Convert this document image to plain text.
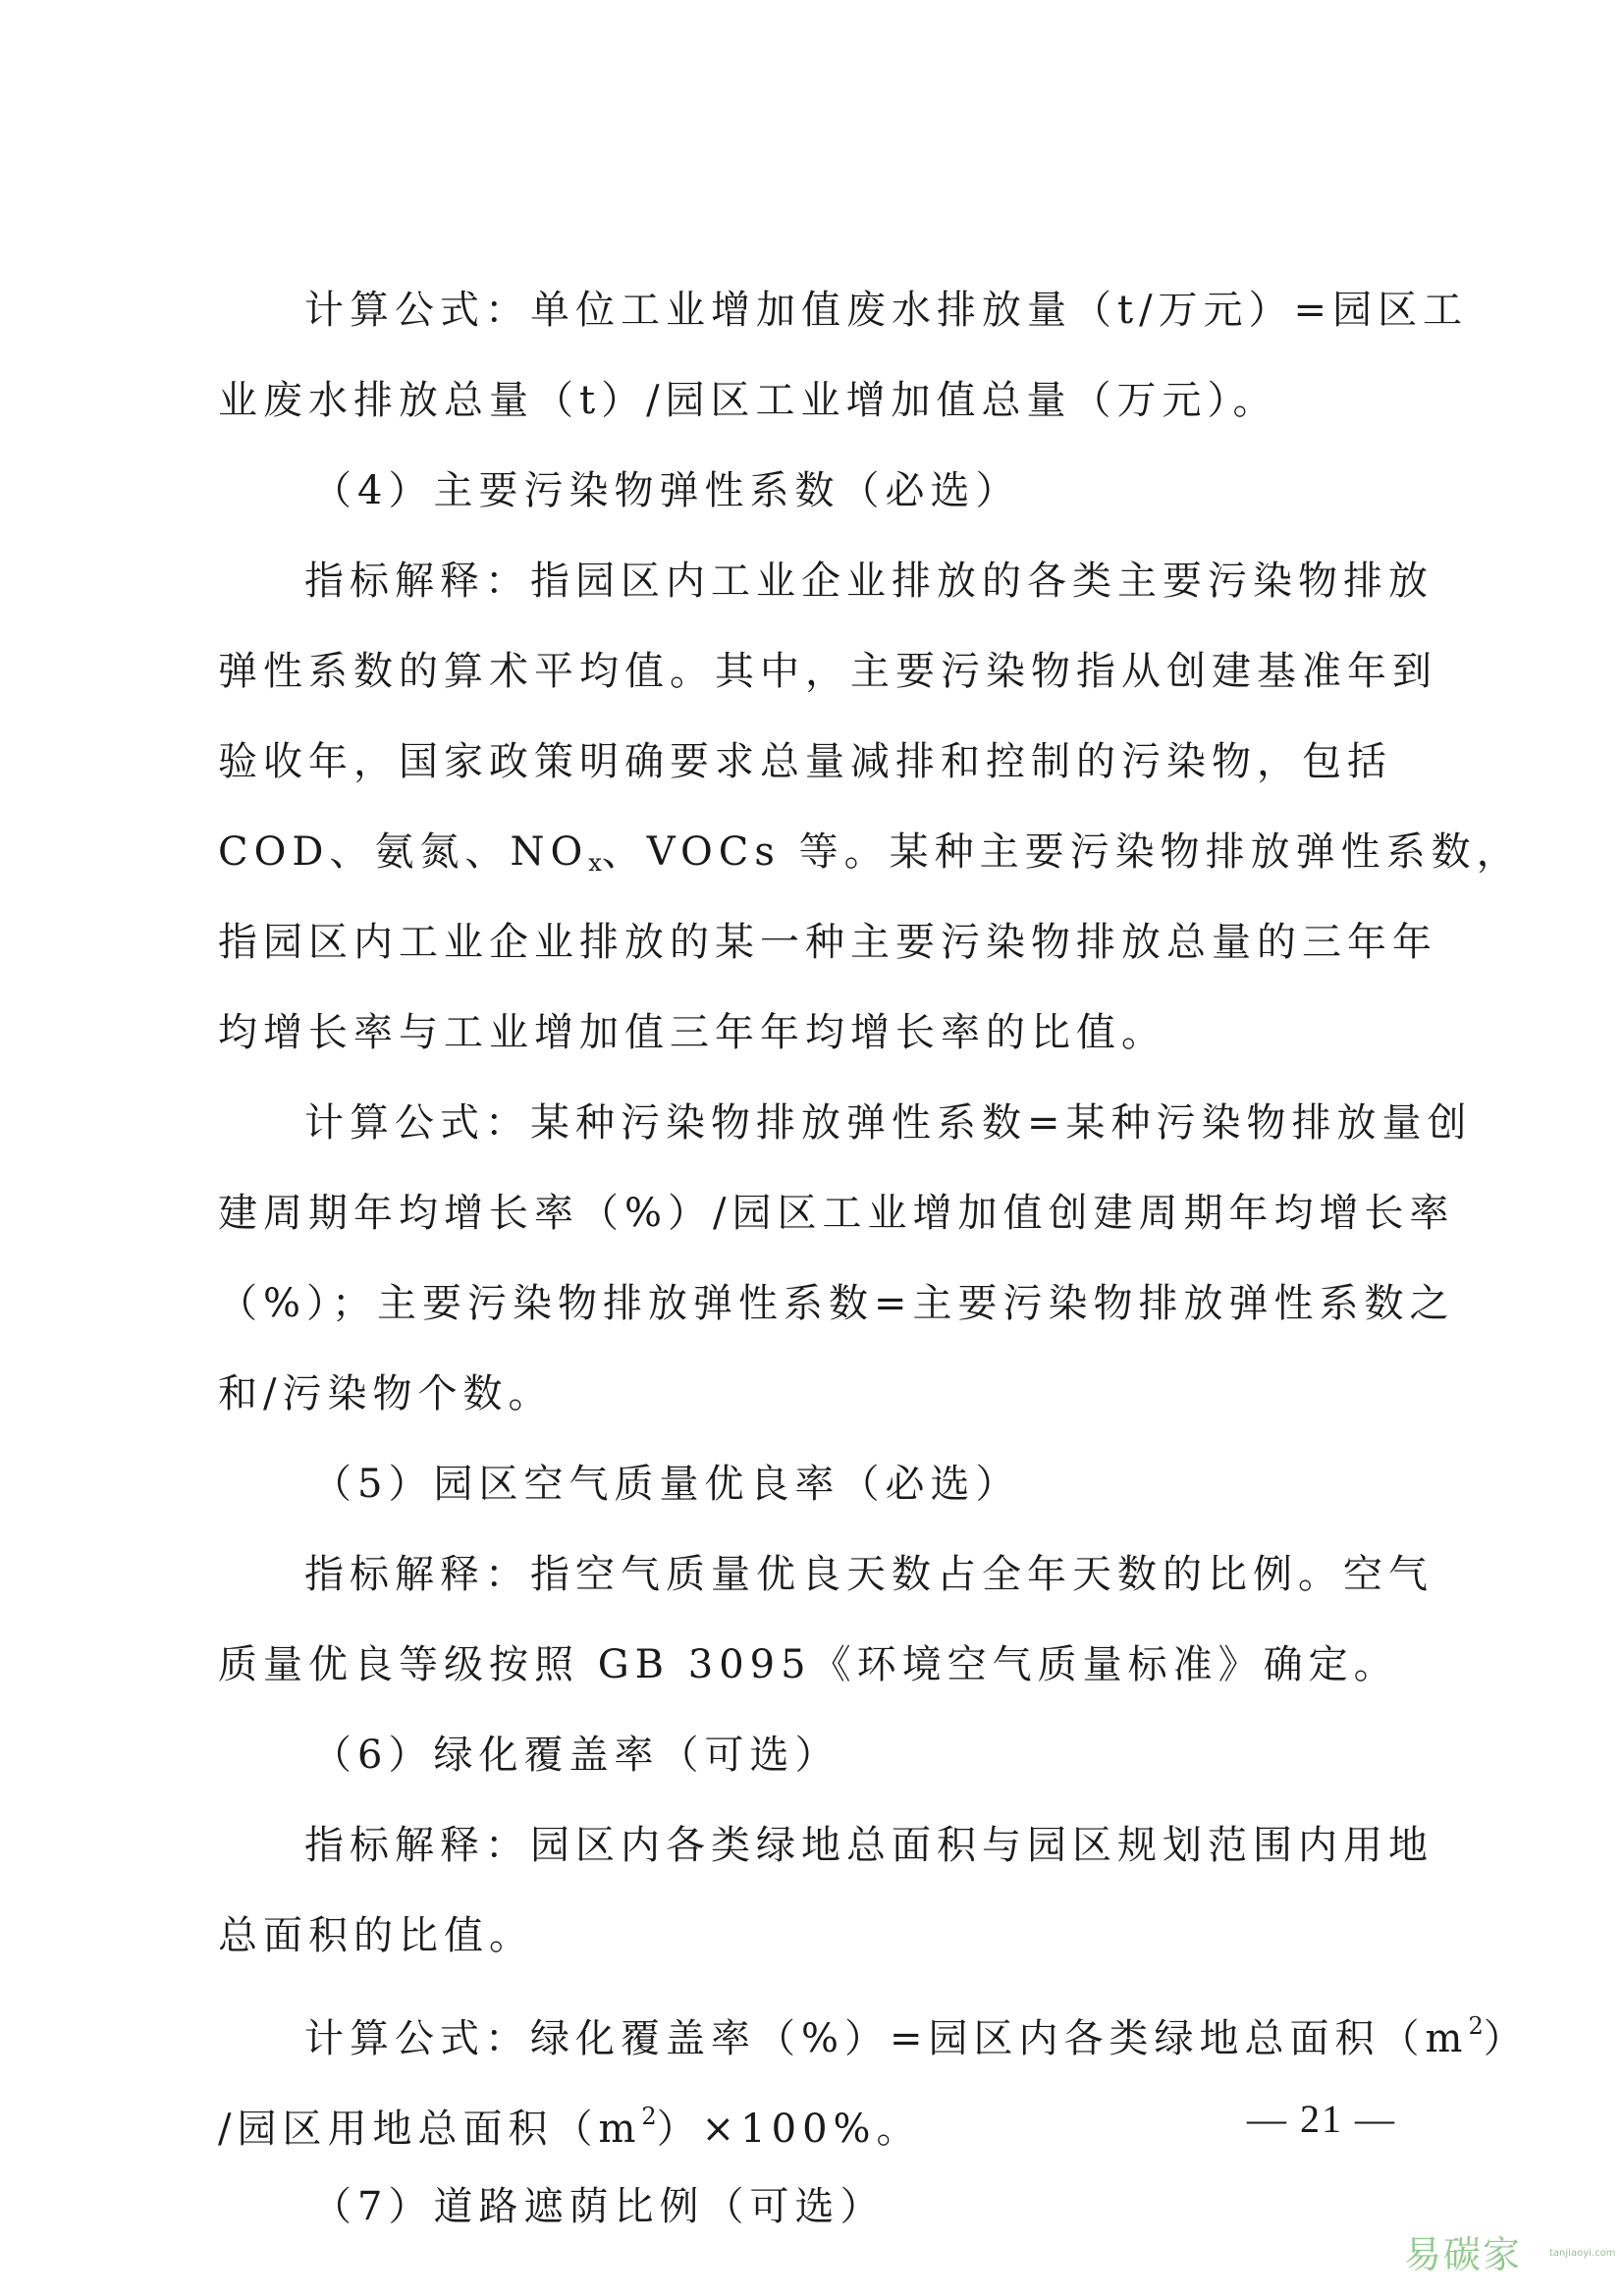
计算公式：单位工业增加值废水排放量（t/万元）=园区工
业废水排放总量（t）/园区工业增加值总量（万元）。
（4）主要污染物弹性系数（必选）
指标解释：指园区内工业企业排放的各类主要污染物排放
弹性系数的算术平均值。其中，主要污染物指从创建基准年到
验收年，国家政策明确要求总量减排和控制的污染物，包括
COD、氨氮、$NO_x$、VOCs 等。某种主要污染物排放弹性系数，
指园区内工业企业排放的某一种主要污染物排放总量的三年年
均增长率与工业增加值三年年均增长率的比值。
计算公式：某种污染物排放弹性系数=某种污染物排放量创
建周期年均增长率（%）/园区工业增加值创建周期年均增长率
（%）；主要污染物排放弹性系数=主要污染物排放弹性系数之
和/污染物个数。
（5）园区空气质量优良率（必选）
指标解释：指空气质量优良天数占全年天数的比例。空气
质量优良等级按照 GB 3095《环境空气质量标准》确定。
（6）绿化覆盖率（可选）
指标解释：园区内各类绿地总面积与园区规划范围内用地
总面积的比值。
计算公式：绿化覆盖率（%）=园区内各类绿地总面积$(m^2)$
/园区用地总面积$(m^2)\times 100\%$。
（7）道路遮荫比例（可选）
— 21 —
易碳家	tanjiaoyi.com
